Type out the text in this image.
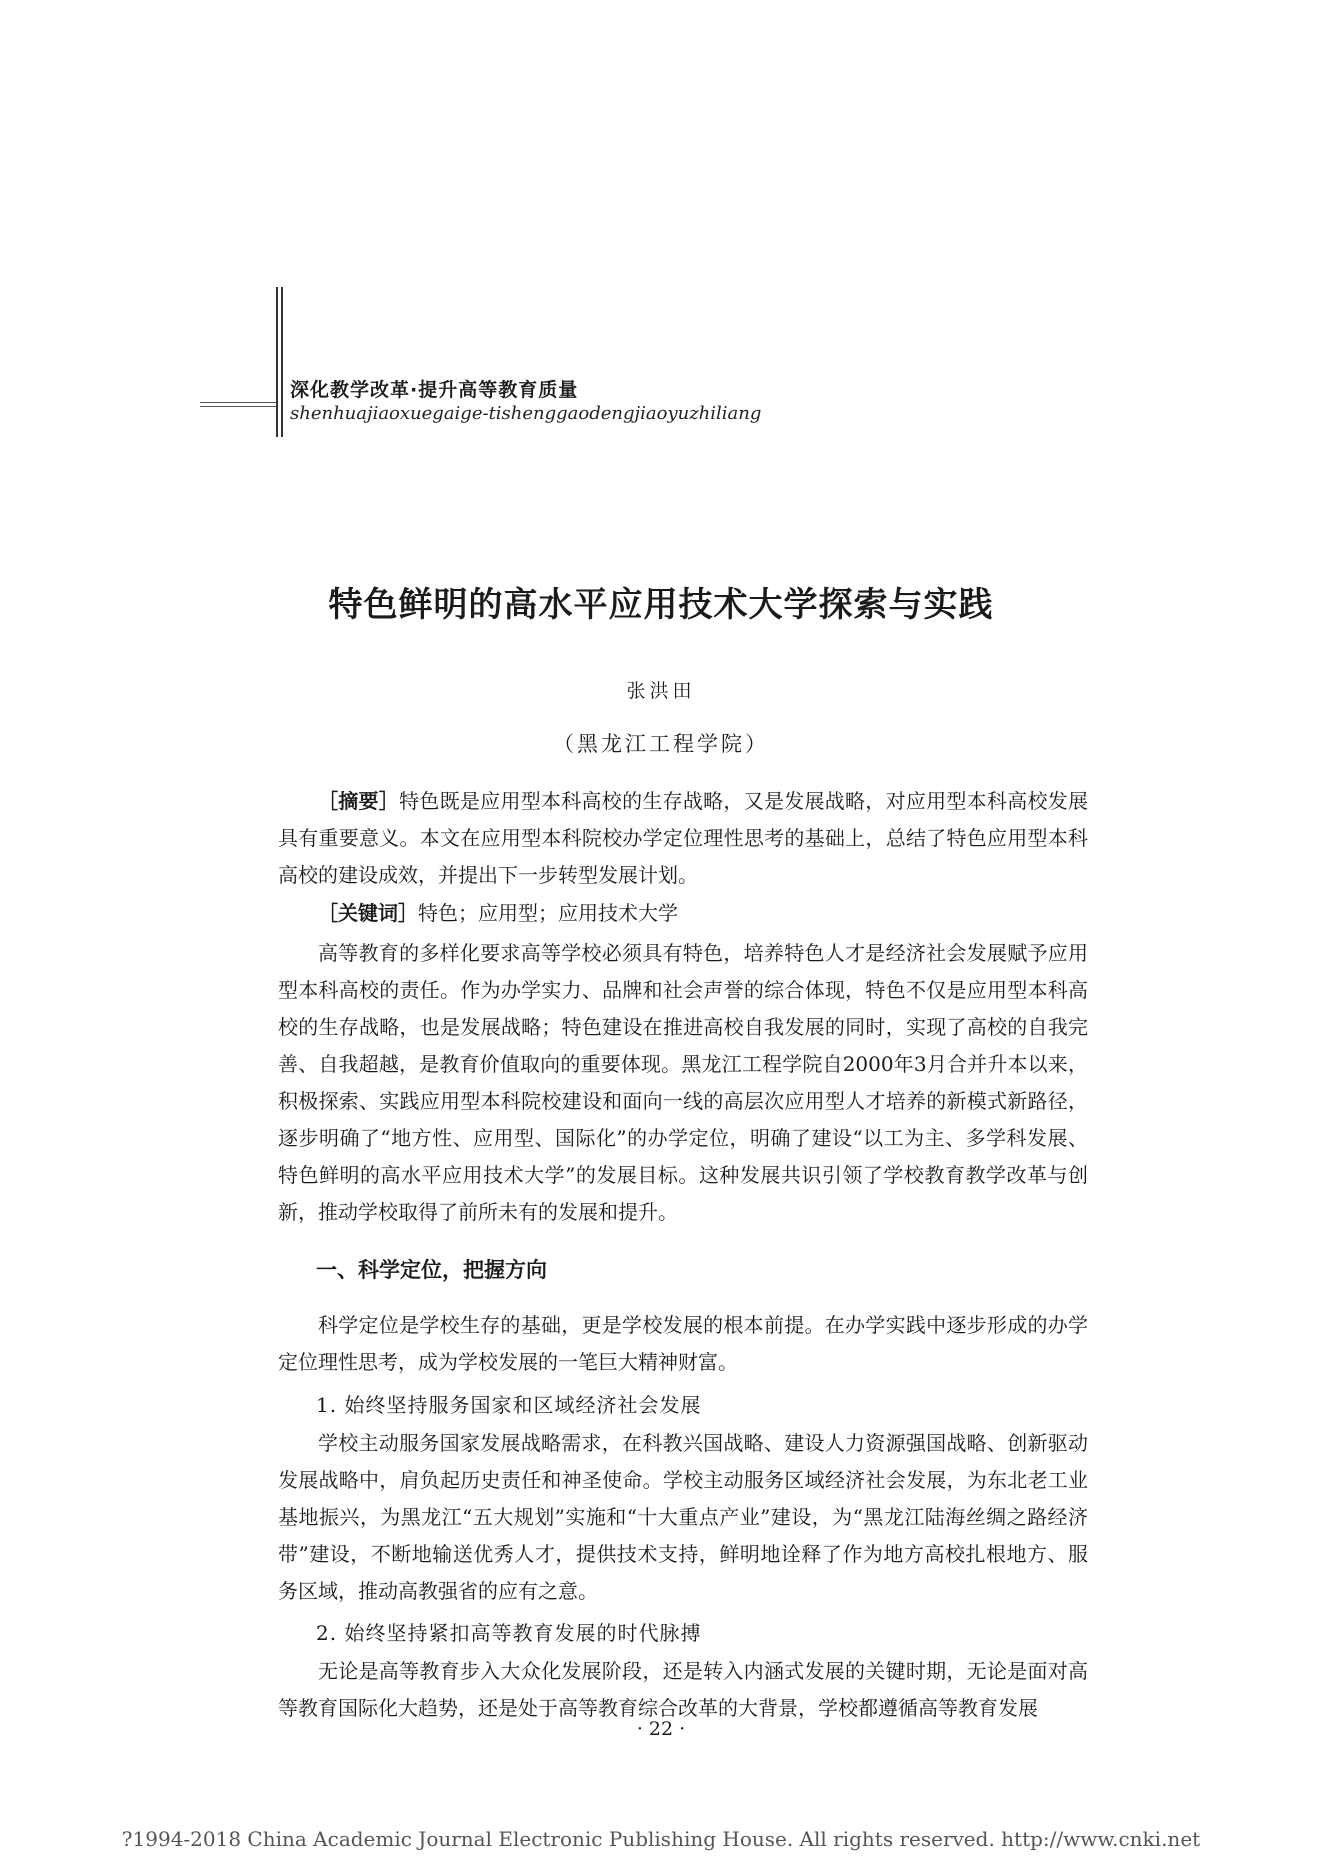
深化教学改革·提升高等教育质量
shenhuajiaoxuegaige-tishenggaodengjiaoyuzhiliang
特色鲜明的高水平应用技术大学探索与实践
张洪田
（黑龙江工程学院）
［摘要］特色既是应用型本科高校的生存战略，又是发展战略，对应用型本科高校发展具有重要意义。本文在应用型本科院校办学定位理性思考的基础上，总结了特色应用型本科高校的建设成效，并提出下一步转型发展计划。
［关键词］特色；应用型；应用技术大学
高等教育的多样化要求高等学校必须具有特色，培养特色人才是经济社会发展赋予应用型本科高校的责任。作为办学实力、品牌和社会声誉的综合体现，特色不仅是应用型本科高校的生存战略，也是发展战略；特色建设在推进高校自我发展的同时，实现了高校的自我完善、自我超越，是教育价值取向的重要体现。黑龙江工程学院自2000年3月合并升本以来，积极探索、实践应用型本科院校建设和面向一线的高层次应用型人才培养的新模式新路径，逐步明确了“地方性、应用型、国际化”的办学定位，明确了建设“以工为主、多学科发展、特色鲜明的高水平应用技术大学”的发展目标。这种发展共识引领了学校教育教学改革与创新，推动学校取得了前所未有的发展和提升。
一、科学定位，把握方向
科学定位是学校生存的基础，更是学校发展的根本前提。在办学实践中逐步形成的办学定位理性思考，成为学校发展的一笔巨大精神财富。
1. 始终坚持服务国家和区域经济社会发展
学校主动服务国家发展战略需求，在科教兴国战略、建设人力资源强国战略、创新驱动发展战略中，肩负起历史责任和神圣使命。学校主动服务区域经济社会发展，为东北老工业基地振兴，为黑龙江“五大规划”实施和“十大重点产业”建设，为“黑龙江陆海丝绸之路经济带”建设，不断地输送优秀人才，提供技术支持，鲜明地诠释了作为地方高校扎根地方、服务区域，推动高教强省的应有之意。
2. 始终坚持紧扣高等教育发展的时代脉搏
无论是高等教育步入大众化发展阶段，还是转入内涵式发展的关键时期，无论是面对高等教育国际化大趋势，还是处于高等教育综合改革的大背景，学校都遵循高等教育发展
· 22 ·
?1994-2018 China Academic Journal Electronic Publishing House. All rights reserved. http://www.cnki.net
